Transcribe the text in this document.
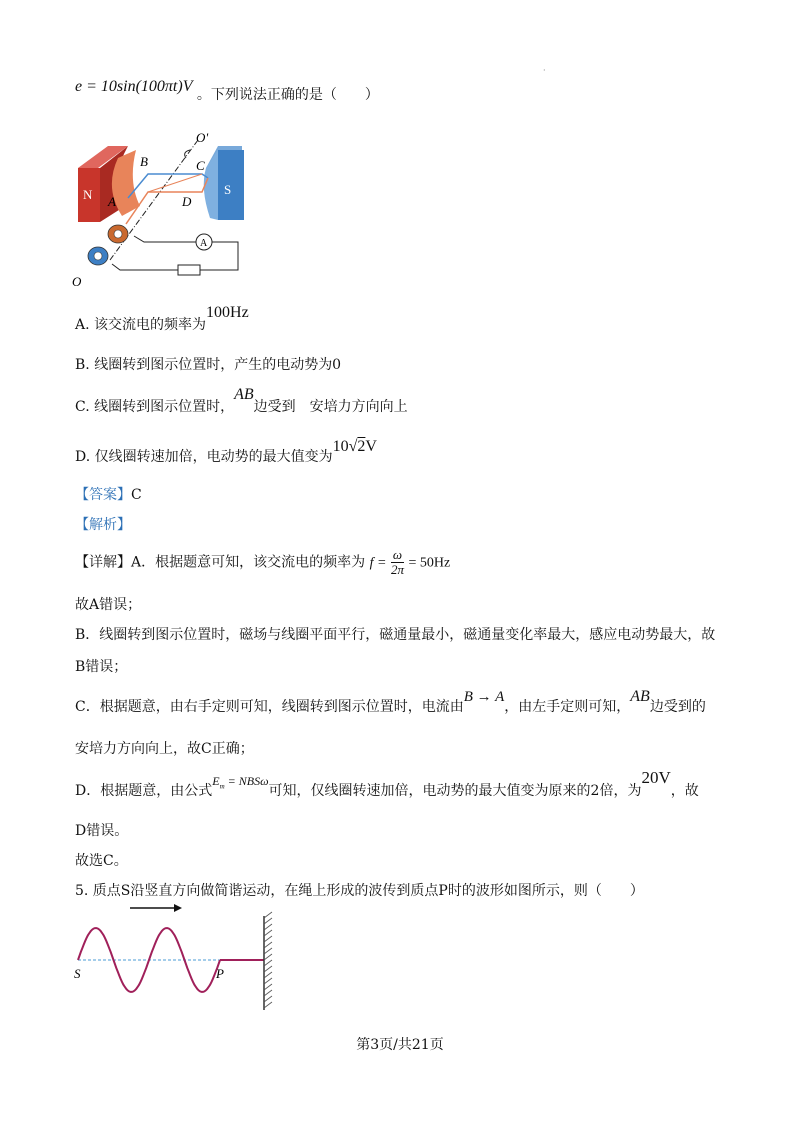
·
e = 10sin(100πt)V 。下列说法正确的是（　　）
N	S
B	C
O'
A	D
A
O
A. 该交流电的频率为100Hz
B. 线圈转到图示位置时，产生的电动势为0
C. 线圈转到图示位置时，AB边受到　安培力方向向上
D. 仅线圈转速加倍，电动势的最大值变为10√2V
【答案】C
【解析】
【详解】A．根据题意可知，该交流电的频率为 $f = \frac{\omega}{2\pi} = 50Hz$
故A错误；
B．线圈转到图示位置时，磁场与线圈平面平行，磁通量最小，磁通量变化率最大，感应电动势最大，故
B错误；
C．根据题意，由右手定则可知，线圈转到图示位置时，电流由B → A，由左手定则可知，AB边受到的
安培力方向向上，故C正确；
D．根据题意，由公式$E_m = NBS\omega$可知，仅线圈转速加倍，电动势的最大值变为原来的2倍，为20V，故
D错误。
故选C。
5. 质点S沿竖直方向做简谐运动，在绳上形成的波传到质点P时的波形如图所示，则（　　）
S	P
第3页/共21页
